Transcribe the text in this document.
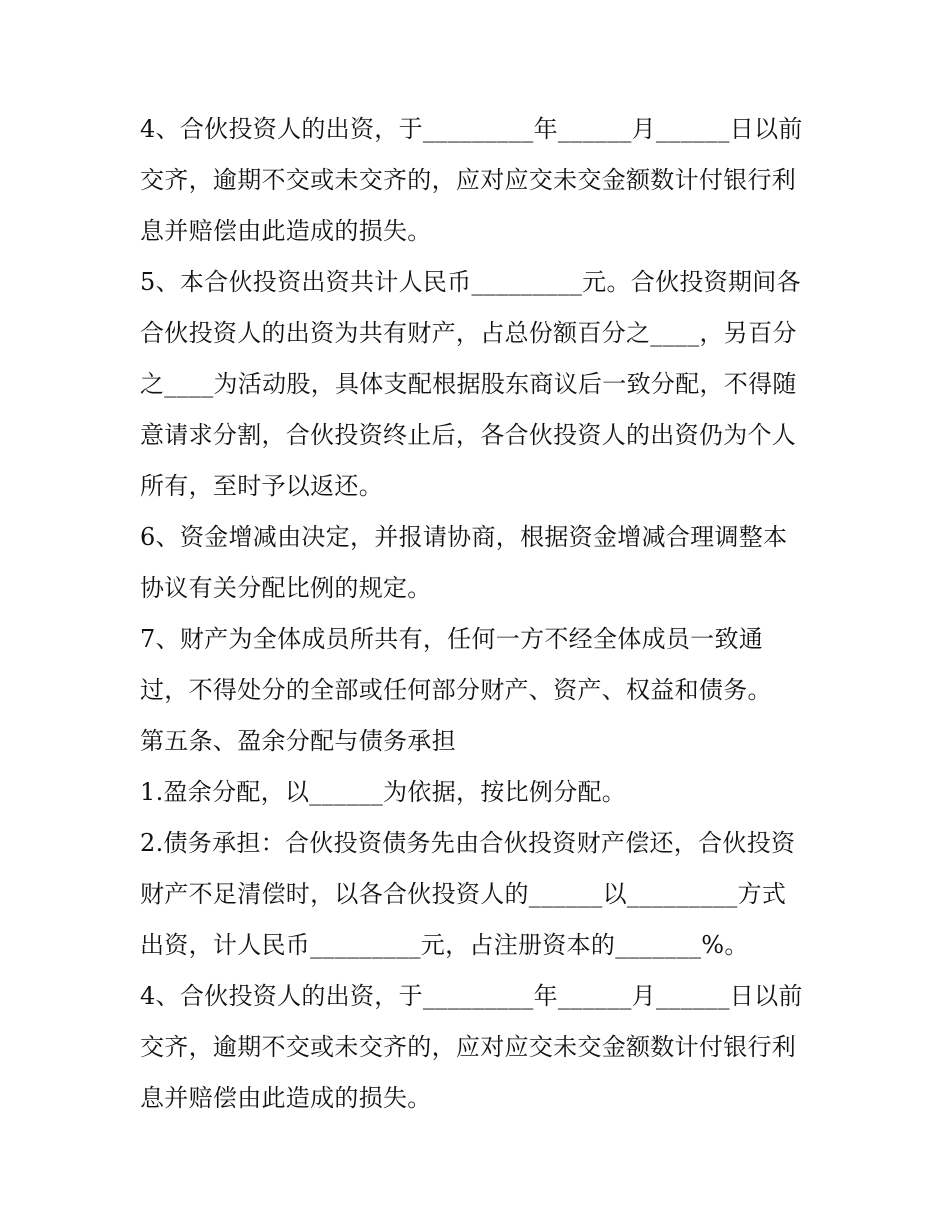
4、合伙投资人的出资，于_________年______月______日以前
交齐，逾期不交或未交齐的，应对应交未交金额数计付银行利
息并赔偿由此造成的损失。
5、本合伙投资出资共计人民币_________元。合伙投资期间各
合伙投资人的出资为共有财产，占总份额百分之____，另百分
之____为活动股，具体支配根据股东商议后一致分配，不得随
意请求分割，合伙投资终止后，各合伙投资人的出资仍为个人
所有，至时予以返还。
6、资金增减由决定，并报请协商，根据资金增减合理调整本
协议有关分配比例的规定。
7、财产为全体成员所共有，任何一方不经全体成员一致通
过，不得处分的全部或任何部分财产、资产、权益和债务。
第五条、盈余分配与债务承担
1.盈余分配，以______为依据，按比例分配。
2.债务承担：合伙投资债务先由合伙投资财产偿还，合伙投资
财产不足清偿时，以各合伙投资人的______以_________方式
出资，计人民币_________元，占注册资本的_______%。
4、合伙投资人的出资，于_________年______月______日以前
交齐，逾期不交或未交齐的，应对应交未交金额数计付银行利
息并赔偿由此造成的损失。
